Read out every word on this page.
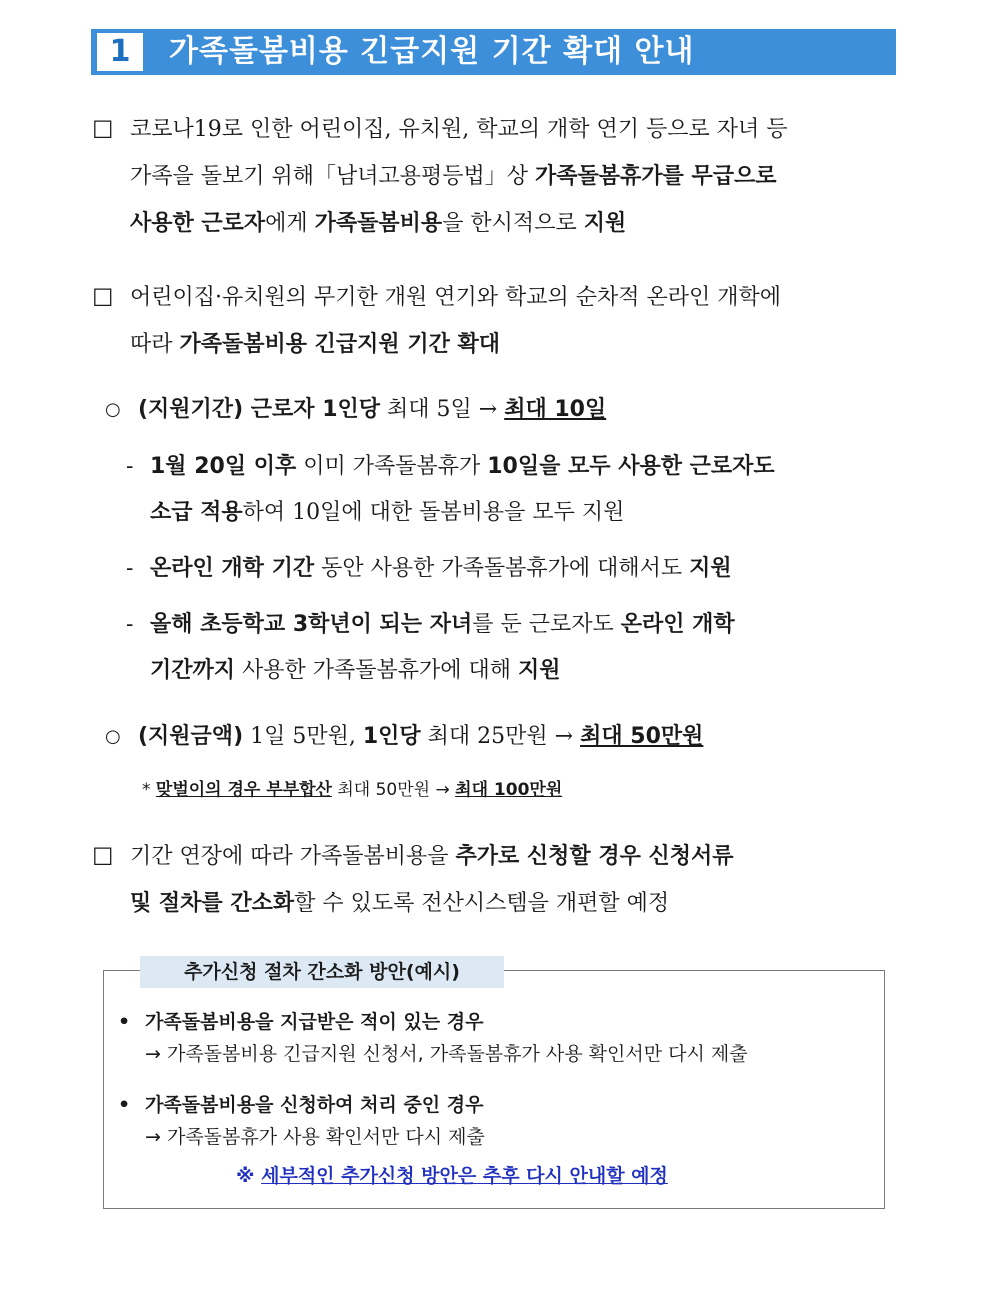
1	가족돌봄비용 긴급지원 기간 확대 안내
☐ 코로나19로 인한 어린이집, 유치원, 학교의 개학 연기 등으로 자녀 등
가족을 돌보기 위해「남녀고용평등법」상 가족돌봄휴가를 무급으로
사용한 근로자에게 가족돌봄비용을 한시적으로 지원
☐ 어린이집·유치원의 무기한 개원 연기와 학교의 순차적 온라인 개학에
따라 가족돌봄비용 긴급지원 기간 확대
○ (지원기간) 근로자 1인당 최대 5일 → 최대 10일
- 1월 20일 이후 이미 가족돌봄휴가 10일을 모두 사용한 근로자도
소급 적용하여 10일에 대한 돌봄비용을 모두 지원
- 온라인 개학 기간 동안 사용한 가족돌봄휴가에 대해서도 지원
- 올해 초등학교 3학년이 되는 자녀를 둔 근로자도 온라인 개학
기간까지 사용한 가족돌봄휴가에 대해 지원
○ (지원금액) 1일 5만원, 1인당 최대 25만원 → 최대 50만원
* 맞벌이의 경우 부부합산 최대 50만원 → 최대 100만원
☐ 기간 연장에 따라 가족돌봄비용을 추가로 신청할 경우 신청서류
및 절차를 간소화할 수 있도록 전산시스템을 개편할 예정
추가신청 절차 간소화 방안(예시)
• 가족돌봄비용을 지급받은 적이 있는 경우
→ 가족돌봄비용 긴급지원 신청서, 가족돌봄휴가 사용 확인서만 다시 제출
• 가족돌봄비용을 신청하여 처리 중인 경우
→ 가족돌봄휴가 사용 확인서만 다시 제출
※ 세부적인 추가신청 방안은 추후 다시 안내할 예정
